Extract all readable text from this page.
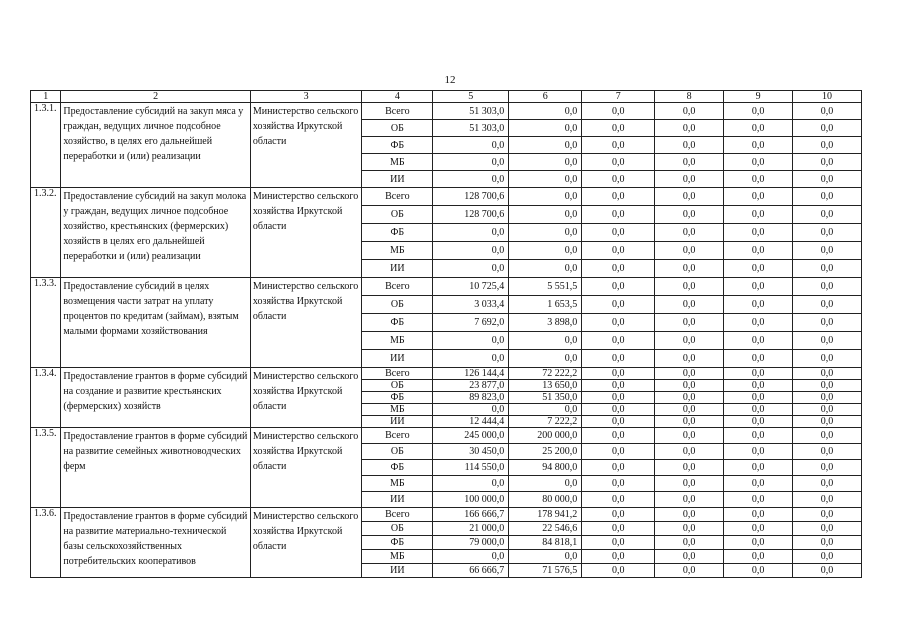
12
1	2	3	4	5	6	7	8	9	10
1.3.1.	Предоставление субсидий на закуп мяса у граждан, ведущих личное подсобное хозяйство, в целях его дальнейшей переработки и (или) реализации	Министерство сельского хозяйства Иркутской области	Всего	51 303,0	0,0	0,0	0,0	0,0	0,0
			ОБ	51 303,0	0,0	0,0	0,0	0,0	0,0
			ФБ	0,0	0,0	0,0	0,0	0,0	0,0
			МБ	0,0	0,0	0,0	0,0	0,0	0,0
			ИИ	0,0	0,0	0,0	0,0	0,0	0,0
1.3.2.	Предоставление субсидий на закуп молока у граждан, ведущих личное подсобное хозяйство, крестьянских (фермерских) хозяйств в целях его дальнейшей переработки и (или) реализации	Министерство сельского хозяйства Иркутской области	Всего	128 700,6	0,0	0,0	0,0	0,0	0,0
			ОБ	128 700,6	0,0	0,0	0,0	0,0	0,0
			ФБ	0,0	0,0	0,0	0,0	0,0	0,0
			МБ	0,0	0,0	0,0	0,0	0,0	0,0
			ИИ	0,0	0,0	0,0	0,0	0,0	0,0
1.3.3.	Предоставление субсидий в целях возмещения части затрат на уплату процентов по кредитам (займам), взятым малыми формами хозяйствования	Министерство сельского хозяйства Иркутской области	Всего	10 725,4	5 551,5	0,0	0,0	0,0	0,0
			ОБ	3 033,4	1 653,5	0,0	0,0	0,0	0,0
			ФБ	7 692,0	3 898,0	0,0	0,0	0,0	0,0
			МБ	0,0	0,0	0,0	0,0	0,0	0,0
			ИИ	0,0	0,0	0,0	0,0	0,0	0,0
1.3.4.	Предоставление грантов в форме субсидий на создание и развитие крестьянских (фермерских) хозяйств	Министерство сельского хозяйства Иркутской области	Всего	126 144,4	72 222,2	0,0	0,0	0,0	0,0
			ОБ	23 877,0	13 650,0	0,0	0,0	0,0	0,0
			ФБ	89 823,0	51 350,0	0,0	0,0	0,0	0,0
			МБ	0,0	0,0	0,0	0,0	0,0	0,0
			ИИ	12 444,4	7 222,2	0,0	0,0	0,0	0,0
1.3.5.	Предоставление грантов в форме субсидий на развитие семейных животноводческих ферм	Министерство сельского хозяйства Иркутской области	Всего	245 000,0	200 000,0	0,0	0,0	0,0	0,0
			ОБ	30 450,0	25 200,0	0,0	0,0	0,0	0,0
			ФБ	114 550,0	94 800,0	0,0	0,0	0,0	0,0
			МБ	0,0	0,0	0,0	0,0	0,0	0,0
			ИИ	100 000,0	80 000,0	0,0	0,0	0,0	0,0
1.3.6.	Предоставление грантов в форме субсидий на развитие материально-технической базы сельскохозяйственных потребительских кооперативов	Министерство сельского хозяйства Иркутской области	Всего	166 666,7	178 941,2	0,0	0,0	0,0	0,0
			ОБ	21 000,0	22 546,6	0,0	0,0	0,0	0,0
			ФБ	79 000,0	84 818,1	0,0	0,0	0,0	0,0
			МБ	0,0	0,0	0,0	0,0	0,0	0,0
			ИИ	66 666,7	71 576,5	0,0	0,0	0,0	0,0
